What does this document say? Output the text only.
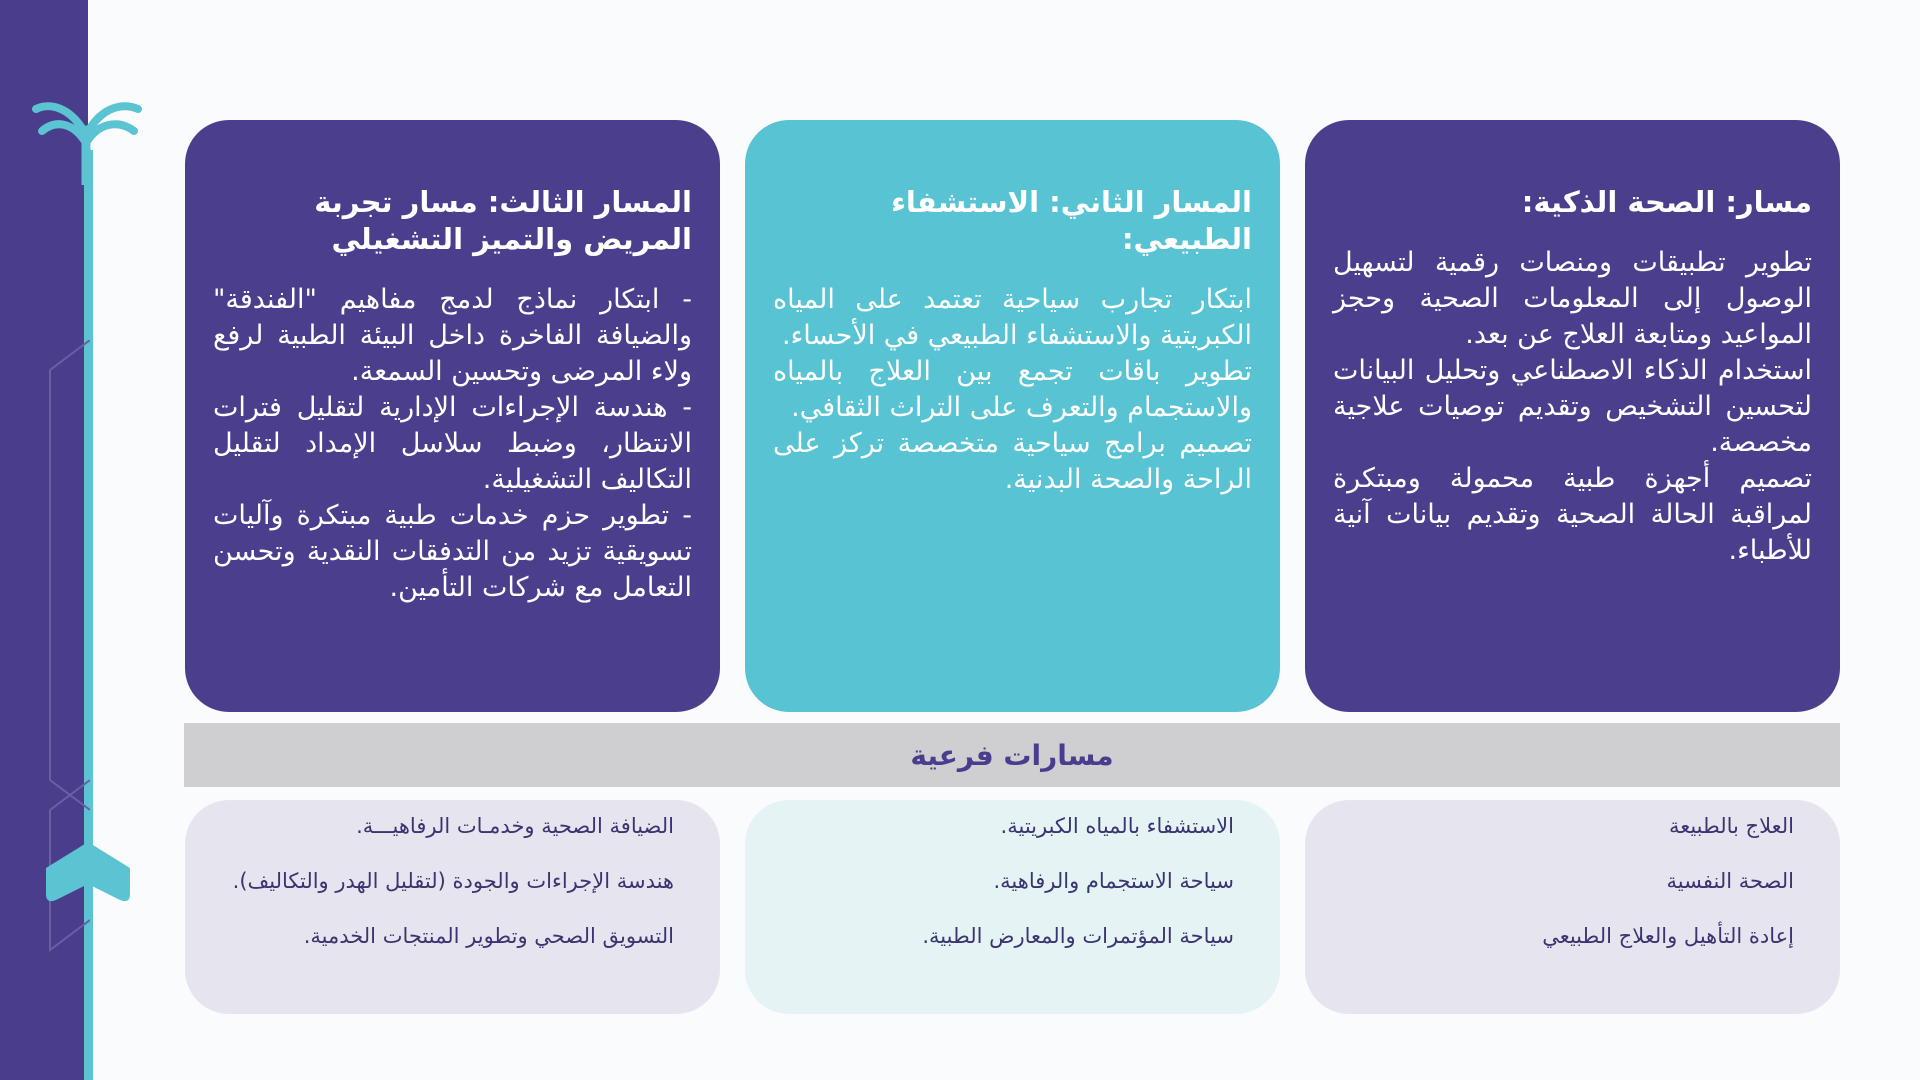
مسار: الصحة الذكية:

تطوير تطبيقات ومنصات رقمية لتسهيل الوصول إلى المعلومات الصحية وحجز المواعيد ومتابعة العلاج عن بعد.

استخدام الذكاء الاصطناعي وتحليل البيانات لتحسين التشخيص وتقديم توصيات علاجية مخصصة.

تصميم أجهزة طبية محمولة ومبتكرة لمراقبة الحالة الصحية وتقديم بيانات آنية للأطباء.

المسار الثاني: الاستشفاء الطبيعي:

ابتكار تجارب سياحية تعتمد على المياه الكبريتية والاستشفاء الطبيعي في الأحساء.

تطوير باقات تجمع بين العلاج بالمياه والاستجمام والتعرف على التراث الثقافي.

تصميم برامج سياحية متخصصة تركز على الراحة والصحة البدنية.

المسار الثالث: مسار تجربة المريض والتميز التشغيلي

- ابتكار نماذج لدمج مفاهيم "الفندقة" والضيافة الفاخرة داخل البيئة الطبية لرفع ولاء المرضى وتحسين السمعة.

- هندسة الإجراءات الإدارية لتقليل فترات الانتظار، وضبط سلاسل الإمداد لتقليل التكاليف التشغيلية.

- تطوير حزم خدمات طبية مبتكرة وآليات تسويقية تزيد من التدفقات النقدية وتحسن التعامل مع شركات التأمين.

مسارات فرعية
العلاج بالطبيعة
الصحة النفسية
إعادة التأهيل والعلاج الطبيعي
الاستشفاء بالمياه الكبريتية.
سياحة الاستجمام والرفاهية.
سياحة المؤتمرات والمعارض الطبية.
الضيافة الصحية وخدمـات الرفاهيـــة.
هندسة الإجراءات والجودة (لتقليل الهدر والتكاليف).
التسويق الصحي وتطوير المنتجات الخدمية.
